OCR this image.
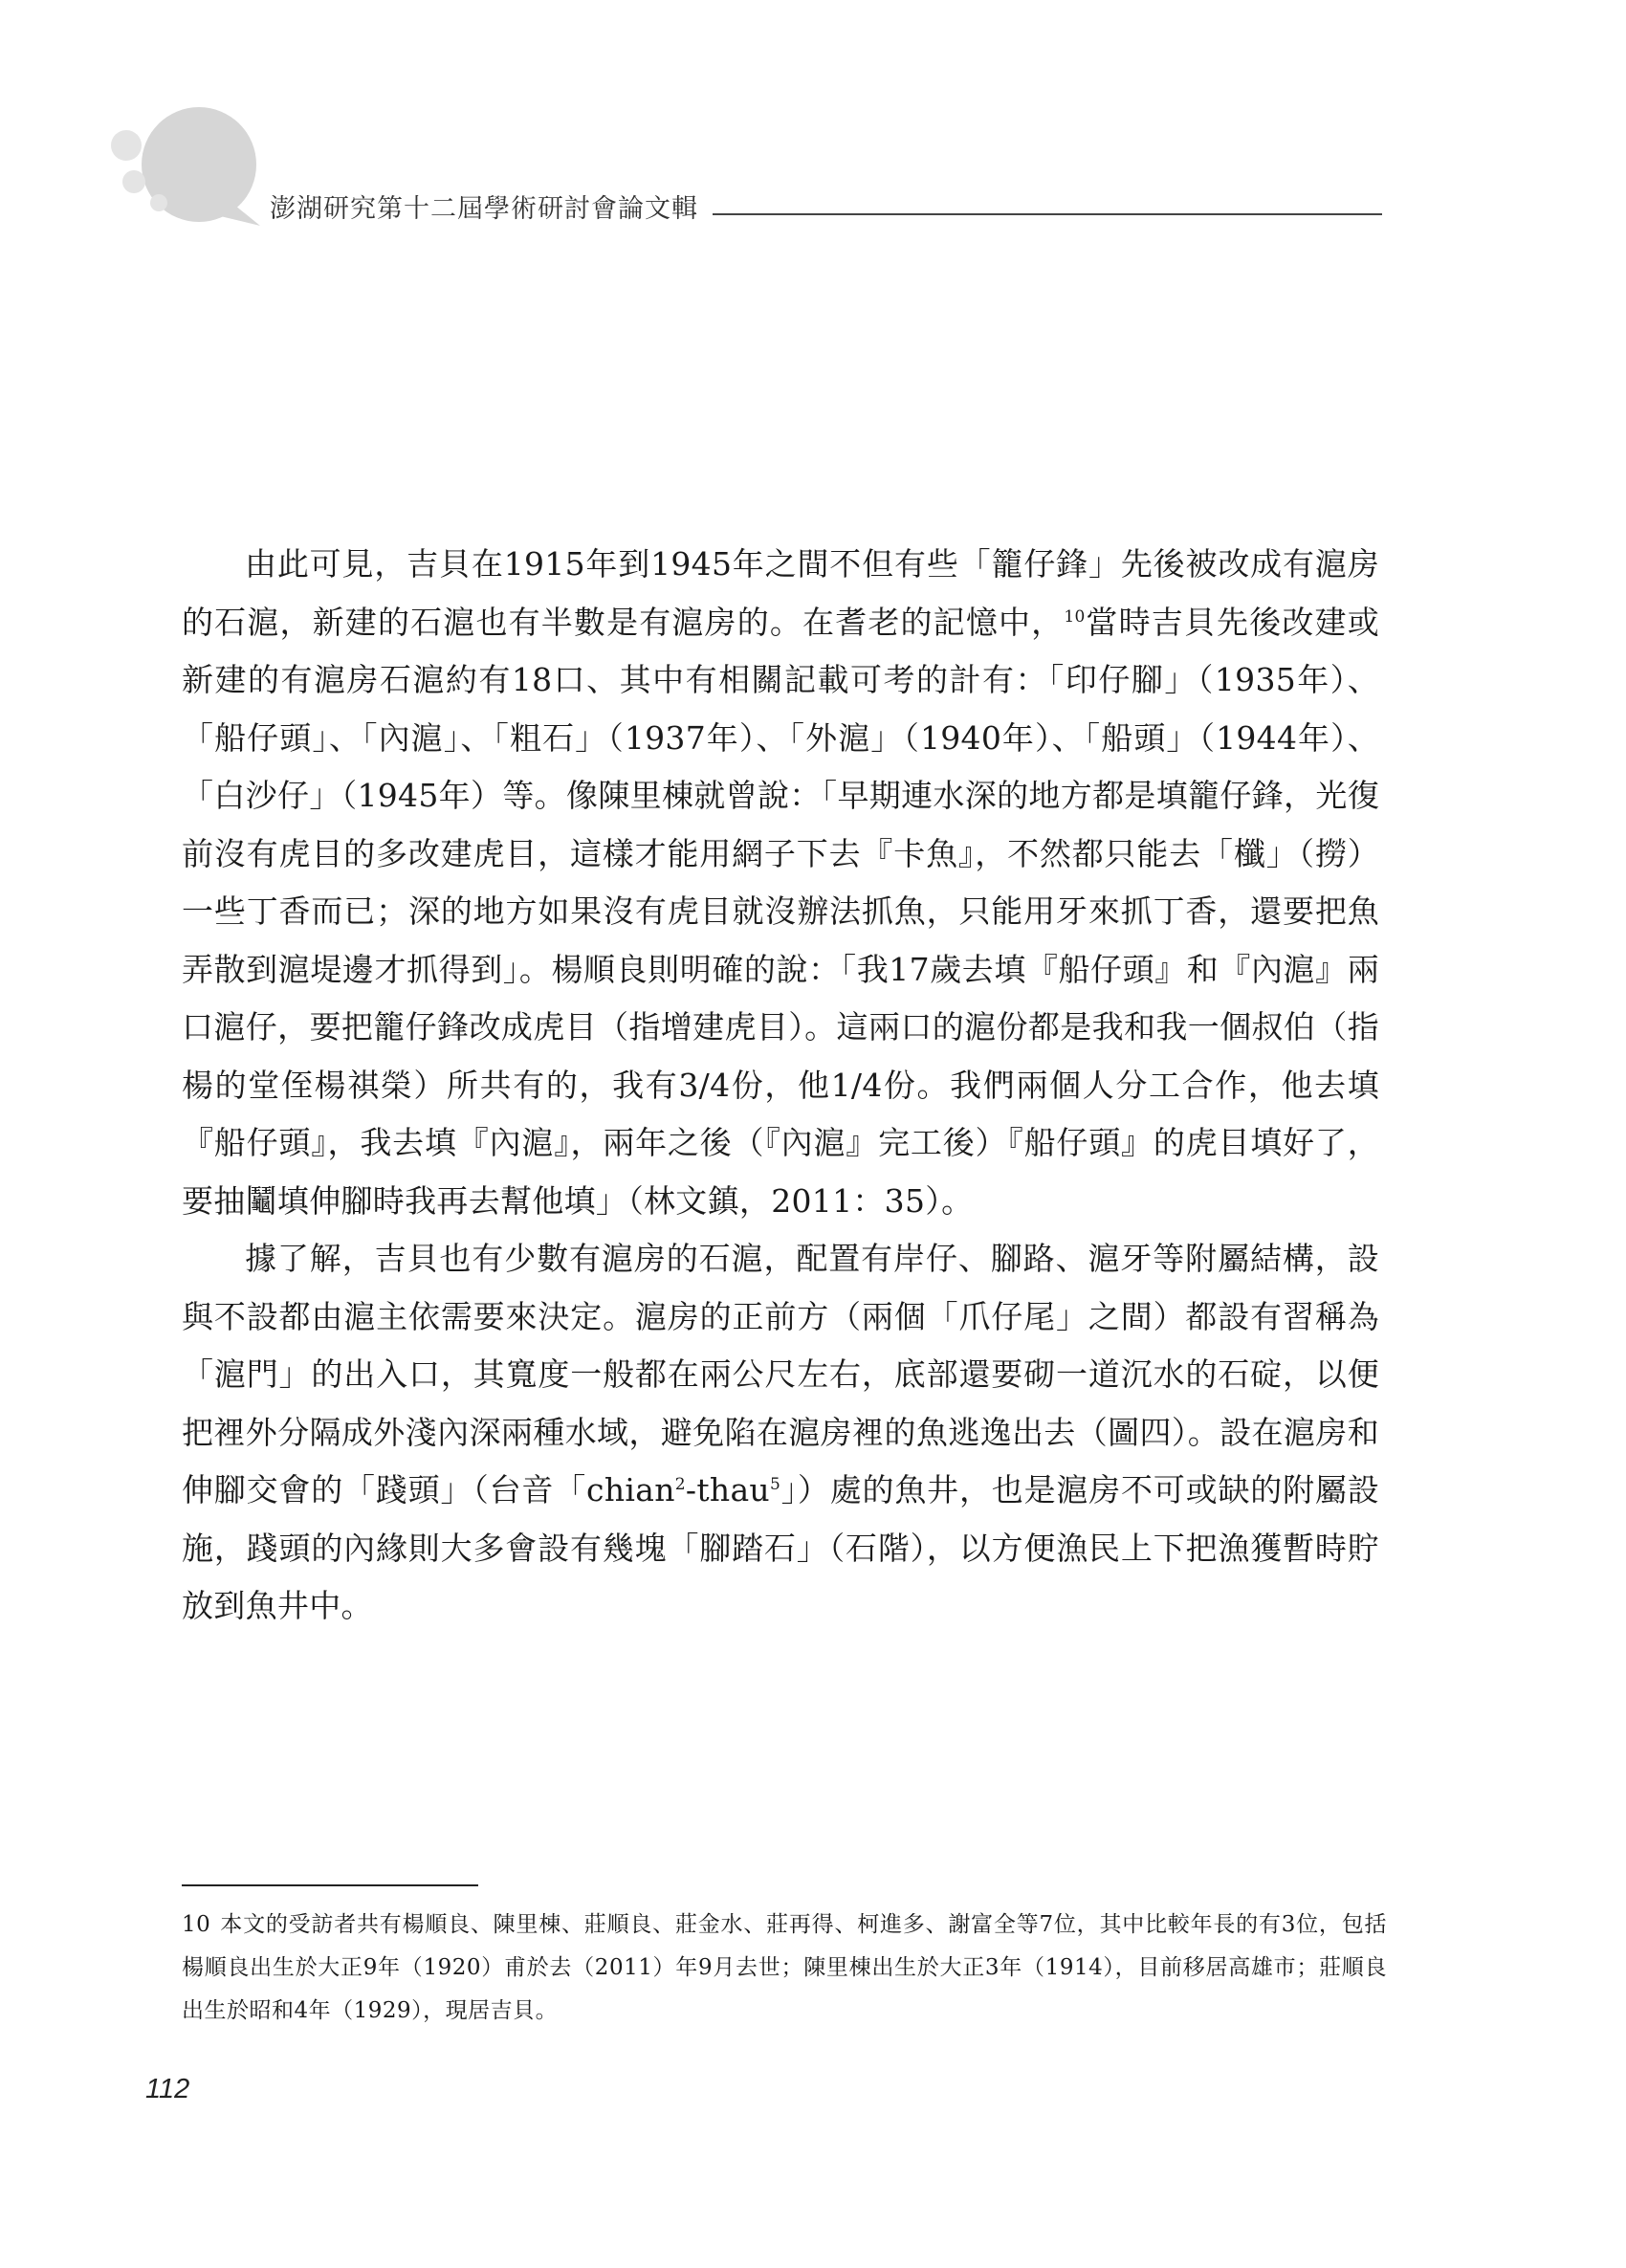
澎湖研究第十二屆學術研討會論文輯

由此可見，吉貝在1915年到1945年之間不但有些「籠仔鋒」先後被改成有滬房的石滬，新建的石滬也有半數是有滬房的。在耆老的記憶中，$^{10}$當時吉貝先後改建或新建的有滬房石滬約有18口、其中有相關記載可考的計有：「印仔腳」（1935年）、「船仔頭」、「內滬」、「粗石」（1937年）、「外滬」（1940年）、「船頭」（1944年）、「白沙仔」（1945年）等。像陳里棟就曾說：「早期連水深的地方都是填籠仔鋒，光復前沒有虎目的多改建虎目，這樣才能用網子下去『卡魚』，不然都只能去「櫼」（撈）一些丁香而已；深的地方如果沒有虎目就沒辦法抓魚，只能用牙來抓丁香，還要把魚弄散到滬堤邊才抓得到」。楊順良則明確的說：「我17歲去填『船仔頭』和『內滬』兩口滬仔，要把籠仔鋒改成虎目（指增建虎目）。這兩口的滬份都是我和我一個叔伯（指楊的堂侄楊祺榮）所共有的，我有3/4份，他1/4份。我們兩個人分工合作，他去填『船仔頭』，我去填『內滬』，兩年之後（『內滬』完工後）『船仔頭』的虎目填好了，要抽鬮填伸腳時我再去幫他填」（林文鎮，2011：35）。

據了解，吉貝也有少數有滬房的石滬，配置有岸仔、腳路、滬牙等附屬結構，設與不設都由滬主依需要來決定。滬房的正前方（兩個「爪仔尾」之間）都設有習稱為「滬門」的出入口，其寬度一般都在兩公尺左右，底部還要砌一道沉水的石碇，以便把裡外分隔成外淺內深兩種水域，避免陷在滬房裡的魚逃逸出去（圖四）。設在滬房和伸腳交會的「踐頭」（台音「chian$^2$-thau$^5$」）處的魚井，也是滬房不可或缺的附屬設施，踐頭的內緣則大多會設有幾塊「腳踏石」（石階），以方便漁民上下把漁獲暫時貯放到魚井中。

10 本文的受訪者共有楊順良、陳里棟、莊順良、莊金水、莊再得、柯進多、謝富全等7位，其中比較年長的有3位，包括楊順良出生於大正9年（1920）甫於去（2011）年9月去世；陳里棟出生於大正3年（1914），目前移居高雄市；莊順良出生於昭和4年（1929），現居吉貝。
112
